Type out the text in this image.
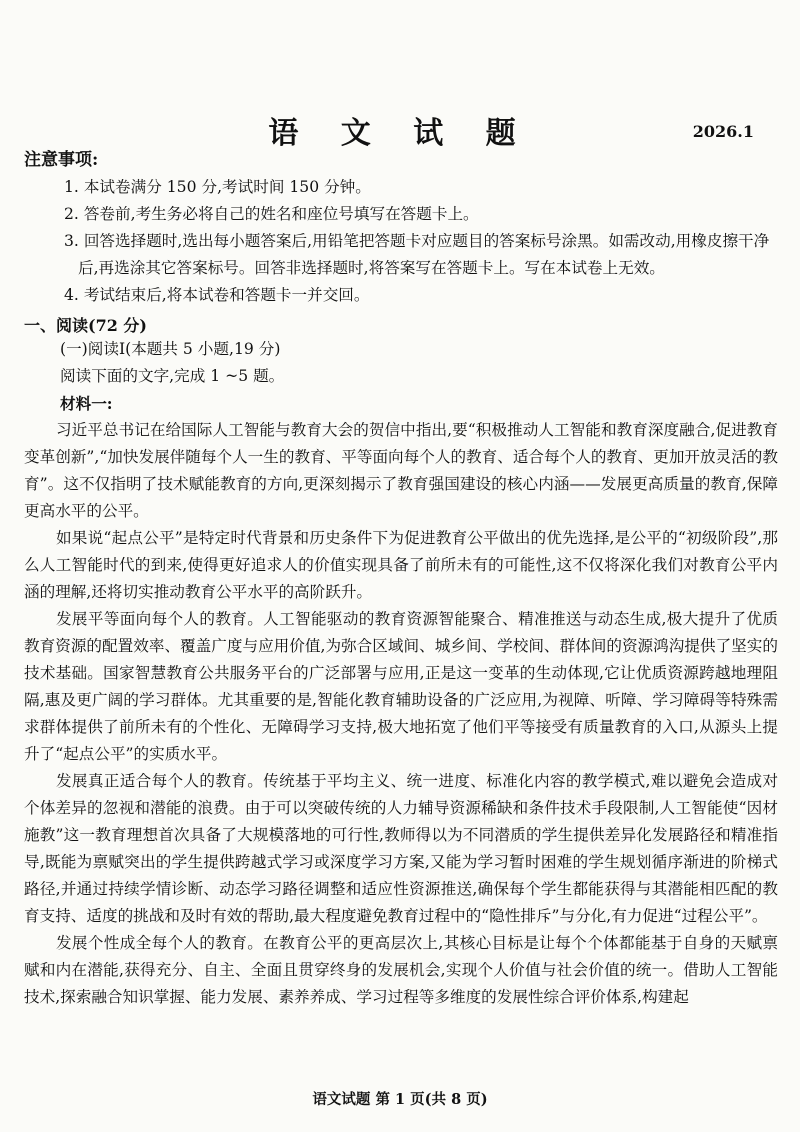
语 文 试 题	2026.1
注意事项:
1. 本试卷满分 150 分,考试时间 150 分钟。
2. 答卷前,考生务必将自己的姓名和座位号填写在答题卡上。
3. 回答选择题时,选出每小题答案后,用铅笔把答题卡对应题目的答案标号涂黑。如需改动,用橡皮擦干净后,再选涂其它答案标号。回答非选择题时,将答案写在答题卡上。写在本试卷上无效。
4. 考试结束后,将本试卷和答题卡一并交回。
一、阅读(72 分)
(一)阅读Ⅰ(本题共 5 小题,19 分)
阅读下面的文字,完成 1 ~5 题。
材料一:
习近平总书记在给国际人工智能与教育大会的贺信中指出,要“积极推动人工智能和教育深度融合,促进教育变革创新”,“加快发展伴随每个人一生的教育、平等面向每个人的教育、适合每个人的教育、更加开放灵活的教育”。这不仅指明了技术赋能教育的方向,更深刻揭示了教育强国建设的核心内涵——发展更高质量的教育,保障更高水平的公平。
如果说“起点公平”是特定时代背景和历史条件下为促进教育公平做出的优先选择,是公平的“初级阶段”,那么人工智能时代的到来,使得更好追求人的价值实现具备了前所未有的可能性,这不仅将深化我们对教育公平内涵的理解,还将切实推动教育公平水平的高阶跃升。
发展平等面向每个人的教育。人工智能驱动的教育资源智能聚合、精准推送与动态生成,极大提升了优质教育资源的配置效率、覆盖广度与应用价值,为弥合区域间、城乡间、学校间、群体间的资源鸿沟提供了坚实的技术基础。国家智慧教育公共服务平台的广泛部署与应用,正是这一变革的生动体现,它让优质资源跨越地理阻隔,惠及更广阔的学习群体。尤其重要的是,智能化教育辅助设备的广泛应用,为视障、听障、学习障碍等特殊需求群体提供了前所未有的个性化、无障碍学习支持,极大地拓宽了他们平等接受有质量教育的入口,从源头上提升了“起点公平”的实质水平。
发展真正适合每个人的教育。传统基于平均主义、统一进度、标准化内容的教学模式,难以避免会造成对个体差异的忽视和潜能的浪费。由于可以突破传统的人力辅导资源稀缺和条件技术手段限制,人工智能使“因材施教”这一教育理想首次具备了大规模落地的可行性,教师得以为不同潜质的学生提供差异化发展路径和精准指导,既能为禀赋突出的学生提供跨越式学习或深度学习方案,又能为学习暂时困难的学生规划循序渐进的阶梯式路径,并通过持续学情诊断、动态学习路径调整和适应性资源推送,确保每个学生都能获得与其潜能相匹配的教育支持、适度的挑战和及时有效的帮助,最大程度避免教育过程中的“隐性排斥”与分化,有力促进“过程公平”。
发展个性成全每个人的教育。在教育公平的更高层次上,其核心目标是让每个个体都能基于自身的天赋禀赋和内在潜能,获得充分、自主、全面且贯穿终身的发展机会,实现个人价值与社会价值的统一。借助人工智能技术,探索融合知识掌握、能力发展、素养养成、学习过程等多维度的发展性综合评价体系,构建起
语文试题 第 1 页(共 8 页)
